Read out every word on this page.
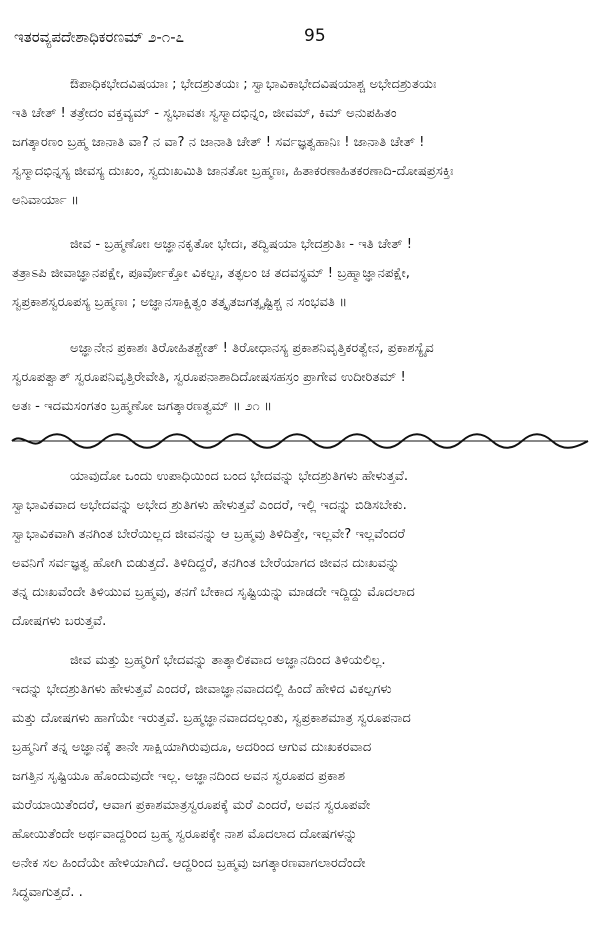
ಇತರವ್ಯಪದೇಶಾಧಿಕರಣಮ್ ೨-೧-೭	95

ಔಪಾಧಿಕಭೇದವಿಷಯಾಃ ; ಭೇದಶ್ರುತಯಃ ; ಸ್ವಾಭಾವಿಕಾಭೇದವಿಷಯಾಶ್ಚ ಅಭೇದಶ್ರುತಯಃ

ಇತಿ ಚೇತ್ ! ತತ್ರೇದಂ ವಕ್ತವ್ಯಮ್ - ಸ್ವಭಾವತಃ ಸ್ವಸ್ಮಾದಭಿನ್ನಂ, ಜೀವಮ್, ಕಿಮ್ ಅನುಪಹಿತಂ

ಜಗತ್ಕಾರಣಂ ಬ್ರಹ್ಮ ಜಾನಾತಿ ವಾ? ನ ವಾ? ನ ಜಾನಾತಿ ಚೇತ್ ! ಸರ್ವಜ್ಞತ್ವಹಾನಿಃ ! ಜಾನಾತಿ ಚೇತ್ !

ಸ್ವಸ್ಮಾದಭಿನ್ನಸ್ಯ ಜೀವಸ್ಯ ದುಃಖಂ, ಸ್ವದುಃಖಮಿತಿ ಜಾನತೋ ಬ್ರಹ್ಮಣಃ, ಹಿತಾಕರಣಾಹಿತಕರಣಾದಿ-ದೋಷಪ್ರಸಕ್ತಿಃ

ಅನಿವಾರ್ಯಾ ॥

ಜೀವ - ಬ್ರಹ್ಮಣೋಃ ಅಜ್ಞಾನಕೃತೋ ಭೇದಃ, ತದ್ವಿಷಯಾ ಭೇದಶ್ರುತಿಃ - ಇತಿ ಚೇತ್ !

ತತ್ರಾಽಪಿ ಜೀವಾಜ್ಞಾನಪಕ್ಷೇ, ಪೂರ್ವೋಕ್ತೋ ವಿಕಲ್ಪಃ, ತತ್ಫಲಂ ಚ ತದವಸ್ಥಮ್ ! ಬ್ರಹ್ಮಾಜ್ಞಾನಪಕ್ಷೇ,

ಸ್ವಪ್ರಕಾಶಸ್ವರೂಪಸ್ಯ ಬ್ರಹ್ಮಣಃ ; ಅಜ್ಞಾನಸಾಕ್ಷಿತ್ವಂ ತತ್ಕೃತಜಗತ್ಸೃಷ್ಟಿಶ್ಚ ನ ಸಂಭವತಿ ॥

ಅಜ್ಞಾನೇನ ಪ್ರಕಾಶಃ ತಿರೋಹಿತಶ್ಚೇತ್ ! ತಿರೋಧಾನಸ್ಯ ಪ್ರಕಾಶನಿವೃತ್ತಿಕರತ್ವೇನ, ಪ್ರಕಾಶಸ್ಯೈವ

ಸ್ವರೂಪತ್ವಾತ್ ಸ್ವರೂಪನಿವೃತ್ತಿರೇವೇತಿ, ಸ್ವರೂಪನಾಶಾದಿದೋಷಸಹಸ್ರಂ ಪ್ರಾಗೇವ ಉದೀರಿತಮ್ !

ಅತಃ - ಇದಮಸಂಗತಂ ಬ್ರಹ್ಮಣೋ ಜಗತ್ಕಾರಣತ್ವಮ್ ॥ ೨೧ ॥

ಯಾವುದೋ ಒಂದು ಉಪಾಧಿಯಿಂದ ಬಂದ ಭೇದವನ್ನು ಭೇದಶ್ರುತಿಗಳು ಹೇಳುತ್ತವೆ.

ಸ್ವಾಭಾವಿಕವಾದ ಅಭೇದವನ್ನು ಅಭೇದ ಶ್ರುತಿಗಳು ಹೇಳುತ್ತವೆ ಎಂದರೆ, ಇಲ್ಲಿ ಇದನ್ನು ಬಿಡಿಸಬೇಕು.

ಸ್ವಾಭಾವಿಕವಾಗಿ ತನಗಿಂತ ಬೇರೆಯಿಲ್ಲದ ಜೀವನನ್ನು ಆ ಬ್ರಹ್ಮವು ತಿಳಿದಿತ್ತೇ, ಇಲ್ಲವೇ? ಇಲ್ಲವೆಂದರೆ

ಅವನಿಗೆ ಸರ್ವಜ್ಞತ್ವ ಹೋಗಿ ಬಿಡುತ್ತದೆ. ತಿಳಿದಿದ್ದರೆ, ತನಗಿಂತ ಬೇರೆಯಾಗದ ಜೀವನ ದುಃಖವನ್ನು

ತನ್ನ ದುಃಖವೆಂದೇ ತಿಳಿಯುವ ಬ್ರಹ್ಮವು, ತನಗೆ ಬೇಕಾದ ಸೃಷ್ಟಿಯನ್ನು ಮಾಡದೇ ಇದ್ದಿದ್ದು ಮೊದಲಾದ

ದೋಷಗಳು ಬರುತ್ತವೆ.

ಜೀವ ಮತ್ತು ಬ್ರಹ್ಮರಿಗೆ ಭೇದವನ್ನು ತಾತ್ಕಾಲಿಕವಾದ ಅಜ್ಞಾನದಿಂದ ತಿಳಿಯಲಿಲ್ಲ.

ಇದನ್ನು ಭೇದಶ್ರುತಿಗಳು ಹೇಳುತ್ತವೆ ಎಂದರೆ, ಜೀವಾಜ್ಞಾನವಾದದಲ್ಲಿ ಹಿಂದೆ ಹೇಳಿದ ವಿಕಲ್ಪಗಳು

ಮತ್ತು ದೋಷಗಳು ಹಾಗೆಯೇ ಇರುತ್ತವೆ. ಬ್ರಹ್ಮಜ್ಞಾನವಾದದಲ್ಲಂತು, ಸ್ವಪ್ರಕಾಶಮಾತ್ರ ಸ್ವರೂಪನಾದ

ಬ್ರಹ್ಮನಿಗೆ ತನ್ನ ಅಜ್ಞಾನಕ್ಕೆ ತಾನೇ ಸಾಕ್ಷಿಯಾಗಿರುವುದೂ, ಅದರಿಂದ ಆಗುವ ದುಃಖಕರವಾದ

ಜಗತ್ತಿನ ಸೃಷ್ಟಿಯೂ ಹೊಂದುವುದೇ ಇಲ್ಲ. ಅಜ್ಞಾನದಿಂದ ಅವನ ಸ್ವರೂಪದ ಪ್ರಕಾಶ

ಮರೆಯಾಯಿತೆಂದರೆ, ಆವಾಗ ಪ್ರಕಾಶಮಾತ್ರಸ್ವರೂಪಕ್ಕೆ ಮರೆ ಎಂದರೆ, ಅವನ ಸ್ವರೂಪವೇ

ಹೋಯಿತೆಂದೇ ಅರ್ಥವಾದ್ದರಿಂದ ಬ್ರಹ್ಮ ಸ್ವರೂಪಕ್ಕೇ ನಾಶ ಮೊದಲಾದ ದೋಷಗಳನ್ನು

ಅನೇಕ ಸಲ ಹಿಂದೆಯೇ ಹೇಳಿಯಾಗಿದೆ. ಆದ್ದರಿಂದ ಬ್ರಹ್ಮವು ಜಗತ್ಕಾರಣವಾಗಲಾರದೆಂದೇ

ಸಿದ್ಧವಾಗುತ್ತದೆ. .
